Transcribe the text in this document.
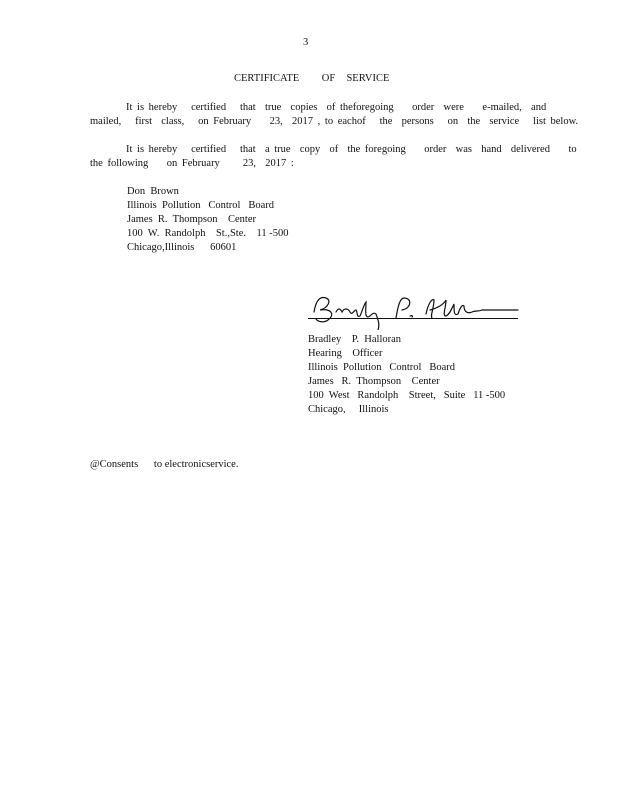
3
CERTIFICATE    OF  SERVICE
It is hereby   certified   that  true  copies  of theforegoing    order  were    e-mailed,  and
mailed,   first  class,   on February    23,  2017 , to eachof   the  persons   on  the  service   list below.
It is hereby   certified   that  a true  copy  of  the foregoing    order  was  hand  delivered    to
the following    on February     23,  2017 :
Don  Brown
Illinois  Pollution   Control   Board
James  R.  Thompson    Center
100  W.  Randolph    St.,Ste.    11 -500
Chicago,Illinois      60601
Bradley    P.  Halloran
Hearing    Officer
Illinois  Pollution   Control   Board
James   R.  Thompson    Center
100  West   Randolph    Street,   Suite   11 -500
Chicago,     Illinois
@Consents      to electronicservice.
